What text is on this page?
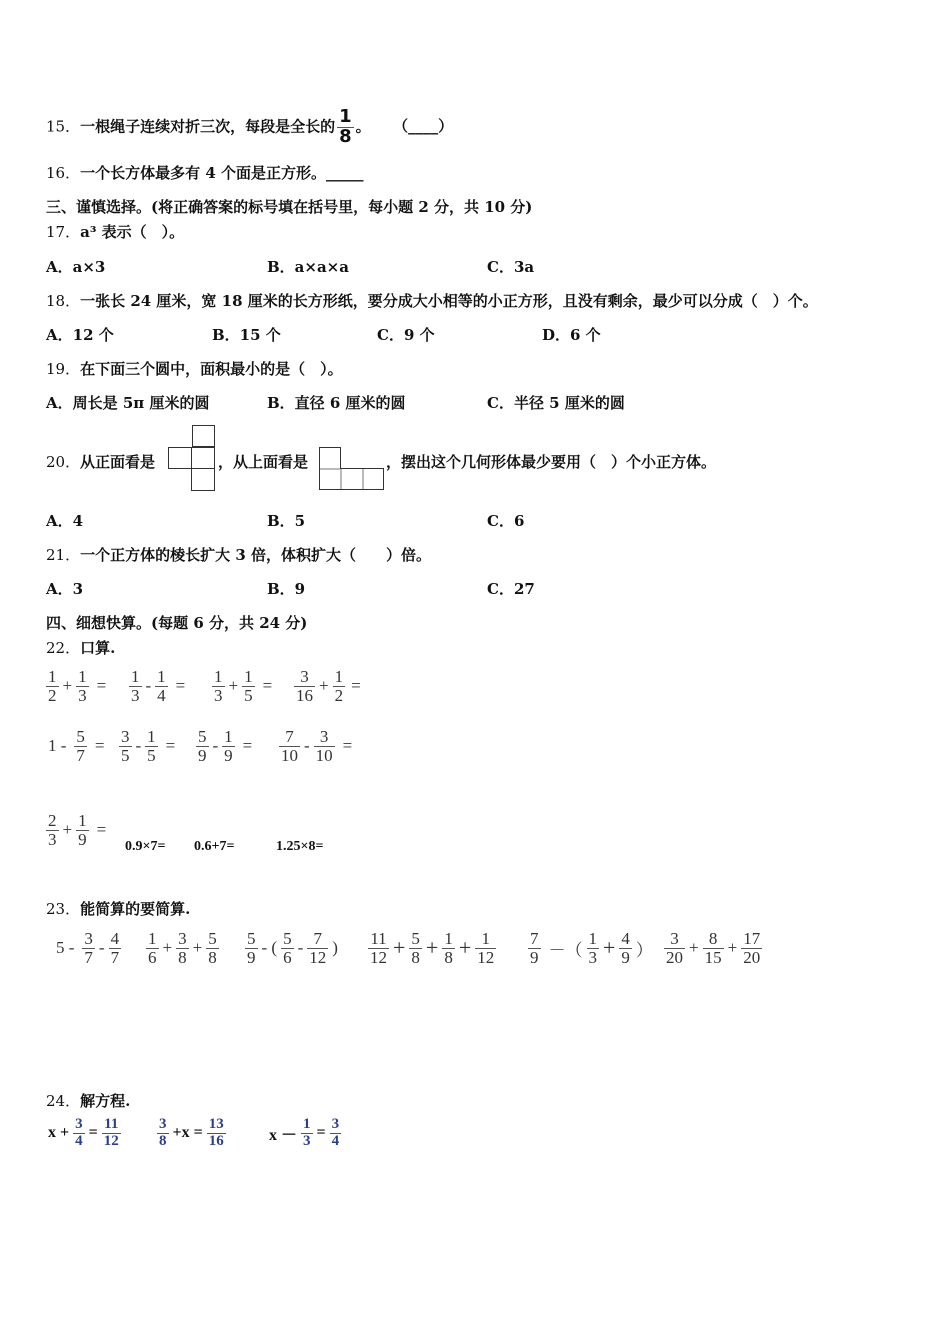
15．一根绳子连续对折三次，每段是全长的 $\frac{1}{8}$ 。 （____）
16．一个长方体最多有 4 个面是正方形。_____
三、谨慎选择。(将正确答案的标号填在括号里，每小题 2 分，共 10 分)
17．a³ 表示（　）。
A．a×3	B．a×a×a	C．3a
18．一张长 24 厘米，宽 18 厘米的长方形纸，要分成大小相等的小正方形，且没有剩余，最少可以分成（　）个。
A．12 个	B．15 个	C．9 个	D．6 个
19．在下面三个圆中，面积最小的是（　）。
A．周长是 5π 厘米的圆	B．直径 6 厘米的圆	C．半径 5 厘米的圆
20． 从正面看是	，从上面看是	，摆出这个几何形体最少要用（　）个小正方体。
A．4	B．5	C．6
21．一个正方体的棱长扩大 3 倍，体积扩大（　　）倍。
A．3	B．9	C．27
四、细想快算。(每题 6 分，共 24 分)
22．口算.
$\frac{1}{2} + \frac{1}{3} = \frac{1}{3} - \frac{1}{4} = \frac{1}{3} + \frac{1}{5} = \frac{3}{16} + \frac{1}{2}$ =
$1 - \frac{5}{7} = \frac{3}{5} - \frac{1}{5} = \frac{5}{9} - \frac{1}{9} = \frac{7}{10} - \frac{3}{10}$ =
$\frac{2}{3} + \frac{1}{9}$ =
0.9×7= 0.6+7=	1.25×8=
23．能简算的要简算.
$5 - \frac{3}{7} - \frac{4}{7} \frac{1}{6} + \frac{3}{8} + \frac{5}{8} \frac{5}{9}$ - ( $\frac{5}{6} - \frac{7}{12}$ ) $\frac{11}{12} + \frac{5}{8} + \frac{1}{8} + \frac{1}{12} \frac{7}{9}$ －（ $\frac{1}{3} + \frac{4}{9}$ ） $\frac{3}{20} + \frac{8}{15} + \frac{17}{20}$
24．解方程.
$x + \frac{3}{4} = \frac{11}{12} \frac{3}{8} +x = \frac{13}{16}$	$x - \frac{1}{3} = \frac{3}{4}$
